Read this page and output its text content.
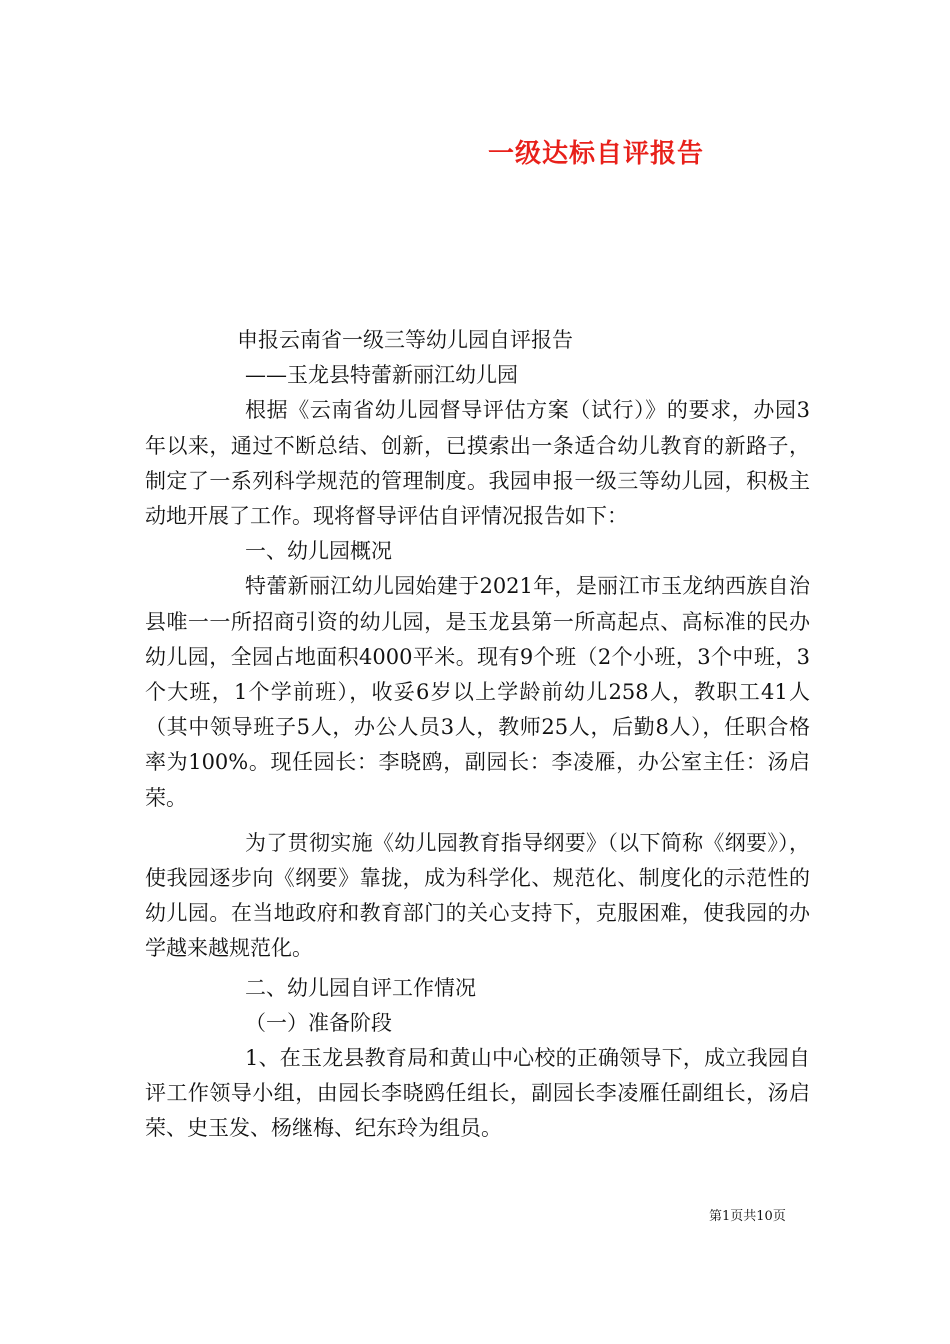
一级达标自评报告

申报云南省一级三等幼儿园自评报告

——玉龙县特蕾新丽江幼儿园

根据《云南省幼儿园督导评估方案（试行）》的要求，办园3年以来，通过不断总结、创新，已摸索出一条适合幼儿教育的新路子，制定了一系列科学规范的管理制度。我园申报一级三等幼儿园，积极主动地开展了工作。现将督导评估自评情况报告如下：

一、幼儿园概况

特蕾新丽江幼儿园始建于2021年，是丽江市玉龙纳西族自治县唯一一所招商引资的幼儿园，是玉龙县第一所高起点、高标准的民办幼儿园，全园占地面积4000平米。现有9个班（2个小班，3个中班，3个大班，1个学前班），收妥6岁以上学龄前幼儿258人，教职工41人（其中领导班子5人，办公人员3人，教师25人，后勤8人），任职合格率为100%。现任园长：李晓鸥，副园长：李凌雁，办公室主任：汤启荣。

为了贯彻实施《幼儿园教育指导纲要》（以下简称《纲要》），使我园逐步向《纲要》靠拢，成为科学化、规范化、制度化的示范性的幼儿园。在当地政府和教育部门的关心支持下，克服困难，使我园的办学越来越规范化。

二、幼儿园自评工作情况

（一）准备阶段

1、在玉龙县教育局和黄山中心校的正确领导下，成立我园自评工作领导小组，由园长李晓鸥任组长，副园长李凌雁任副组长，汤启荣、史玉发、杨继梅、纪东玲为组员。

第1页共10页
